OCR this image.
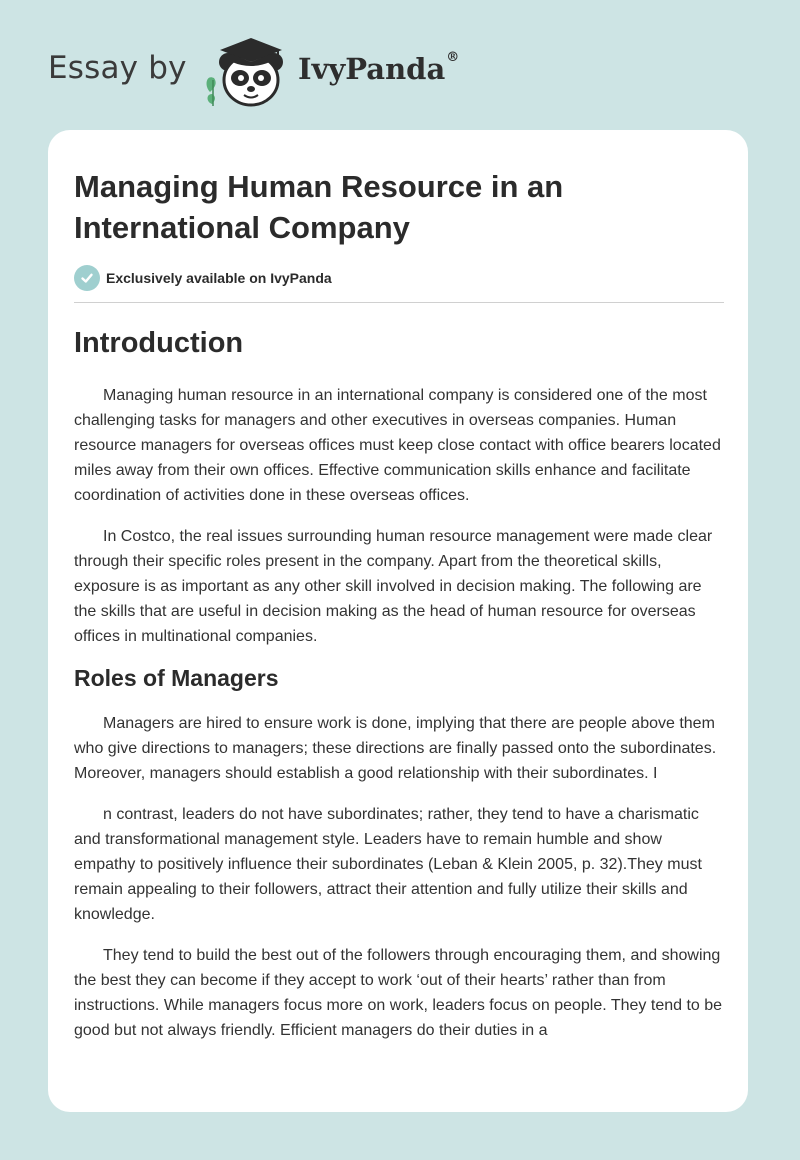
Essay by	IvyPanda®
Managing Human Resource in an International Company
Exclusively available on IvyPanda
Introduction

Managing human resource in an international company is considered one of the most challenging tasks for managers and other executives in overseas companies. Human resource managers for overseas offices must keep close contact with office bearers located miles away from their own offices. Effective communication skills enhance and facilitate coordination of activities done in these overseas offices.

In Costco, the real issues surrounding human resource management were made clear through their specific roles present in the company. Apart from the theoretical skills, exposure is as important as any other skill involved in decision making. The following are the skills that are useful in decision making as the head of human resource for overseas offices in multinational companies.

Roles of Managers

Managers are hired to ensure work is done, implying that there are people above them who give directions to managers; these directions are finally passed onto the subordinates. Moreover, managers should establish a good relationship with their subordinates. I

n contrast, leaders do not have subordinates; rather, they tend to have a charismatic and transformational management style. Leaders have to remain humble and show empathy to positively influence their subordinates (Leban & Klein 2005, p. 32).They must remain appealing to their followers, attract their attention and fully utilize their skills and knowledge.

They tend to build the best out of the followers through encouraging them, and showing the best they can become if they accept to work ‘out of their hearts’ rather than from instructions. While managers focus more on work, leaders focus on people. They tend to be good but not always friendly. Efficient managers do their duties in a
